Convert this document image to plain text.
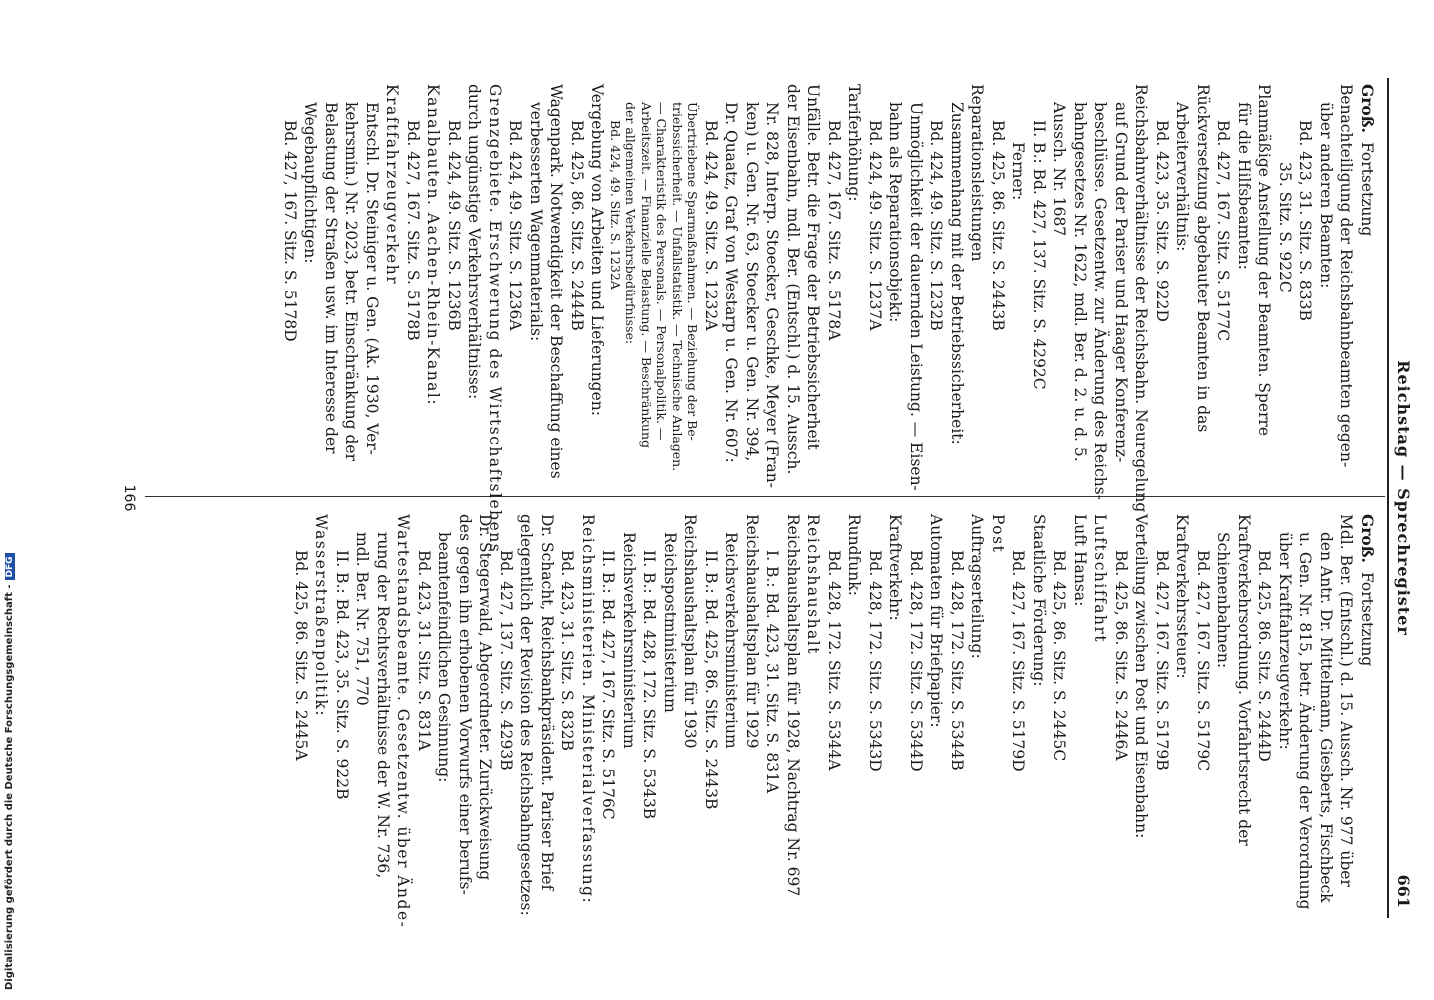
Reichstag — Sprechregister
661
Groß.
Fortsetzung
Benachteiligung der Reichsbahnbeamten gegen-
über anderen Beamten:
Bd. 423, 31. Sitz. S. 833B
35. Sitz. S. 922C
Planmäßige Anstellung der Beamten. Sperre
für die Hilfsbeamten:
Bd. 427, 167. Sitz. S. 5177C
Rückversetzung abgebauter Beamten in das
Arbeiterverhältnis:
Bd. 423, 35. Sitz. S. 922D
Reichsbahnverhältnisse der Reichsbahn. Neuregelung
auf Grund der Pariser und Haager Konferenz-
beschlüsse. Gesetzentw. zur Änderung des Reichs-
bahngesetzes Nr. 1622, mdl. Ber. d. 2. u. d. 5.
Aussch. Nr. 1687
II. B.: Bd. 427, 137. Sitz. S. 4292C
Ferner:
Bd. 425, 86. Sitz. S. 2443B
Reparationsleistungen
Zusammenhang mit der Betriebssicherheit:
Bd. 424, 49. Sitz. S. 1232B
Unmöglichkeit der dauernden Leistung. — Eisen-
bahn als Reparationsobjekt:
Bd. 424, 49. Sitz. S. 1237A
Tariferhöhung:
Bd. 427, 167. Sitz. S. 5178A
Unfälle. Betr. die Frage der Betriebssicherheit
der Eisenbahn, mdl. Ber. (Entschl.) d. 15. Aussch.
Nr. 828, Interp. Stoecker, Geschke, Meyer (Fran-
ken) u. Gen. Nr. 63, Stoecker u. Gen. Nr. 394,
Dr. Quaatz, Graf von Westarp u. Gen. Nr. 607:
Bd. 424, 49. Sitz. S. 1232A
Übertriebene Sparmaßnahmen. — Beziehung der Be-
triebssicherheit. — Unfallstatistik. — Technische Anlagen.
— Charakteristik des Personals. — Personalpolitik. —
Arbeitszeit. — Finanzielle Belastung. — Beschränkung
der allgemeinen Verkehrsbedürfnisse:
Bd. 424, 49. Sitz. S. 1232A
Vergebung von Arbeiten und Lieferungen:
Bd. 425, 86. Sitz. S. 2444B
Wagenpark. Notwendigkeit der Beschaffung eines
verbesserten Wagenmaterials:
Bd. 424, 49. Sitz. S. 1236A
Grenzgebiete. Erschwerung des Wirtschaftslebens
durch ungünstige Verkehrsverhältnisse:
Bd. 424, 49. Sitz. S. 1236B
Kanalbauten. Aachen-Rhein-Kanal:
Bd. 427, 167. Sitz. S. 5178B
Kraftfahrzeugverkehr
Entschl. Dr. Steiniger u. Gen. (Ak. 1930, Ver-
kehrsmin.) Nr. 2023, betr. Einschränkung der
Belastung der Straßen usw. im Interesse der
Wegebaupflichtigen:
Bd. 427, 167. Sitz. S. 5178D
Groß.
Fortsetzung
Mdl. Ber. (Entschl.) d. 15. Aussch. Nr. 977 über
den Antr. Dr. Mittelmann, Giesberts, Fischbeck
u. Gen. Nr. 815, betr. Änderung der Verordnung
über Kraftfahrzeugverkehr:
Bd. 425, 86. Sitz. S. 2444D
Kraftverkehrsordnung. Vorfahrtsrecht der
Schienenbahnen:
Bd. 427, 167. Sitz. S. 5179C
Kraftverkehrssteuer:
Bd. 427, 167. Sitz. S. 5179B
Verteilung zwischen Post und Eisenbahn:
Bd. 425, 86. Sitz. S. 2446A
Luftschiffahrt
Luft Hansa:
Bd. 425, 86. Sitz. S. 2445C
Staatliche Förderung:
Bd. 427, 167. Sitz. S. 5179D
Post
Auftragserteilung:
Bd. 428, 172. Sitz. S. 5344B
Automaten für Briefpapier:
Bd. 428, 172. Sitz. S. 5344D
Kraftverkehr:
Bd. 428, 172. Sitz. S. 5343D
Rundfunk:
Bd. 428, 172. Sitz. S. 5344A
Reichshaushalt
Reichshaushaltsplan für 1928, Nachtrag Nr. 697
I. B.: Bd. 423, 31. Sitz. S. 831A
Reichshaushaltsplan für 1929
Reichsverkehrsministerium
II. B.: Bd. 425, 86. Sitz. S. 2443B
Reichshaushaltsplan für 1930
Reichspostministerium
II. B.: Bd. 428, 172. Sitz. S. 5343B
Reichsverkehrsministerium
II. B.: Bd. 427, 167. Sitz. S. 5176C
Reichsministerien. Ministerialverfassung:
Bd. 423, 31. Sitz. S. 832B
Dr. Schacht, Reichsbankpräsident. Pariser Brief
gelegentlich der Revision des Reichsbahngesetzes:
Bd. 427, 137. Sitz. S. 4293B
Dr. Stegerwald, Abgeordneter. Zurückweisung
des gegen ihn erhobenen Vorwurfs einer berufs-
beamtenfeindlichen Gesinnung:
Bd. 423, 31. Sitz. S. 831A
Wartestandsbeamte. Gesetzentw. über Ände-
rung der Rechtsverhältnisse der W. Nr. 736,
mdl. Ber. Nr. 751, 770
II. B.: Bd. 423, 35. Sitz. S. 922B
Wasserstraßenpolitik:
Bd. 425, 86. Sitz. S. 2445A
166
Digitalisierung gefördert durch die Deutsche Forschungsgemeinschaft -DFG
